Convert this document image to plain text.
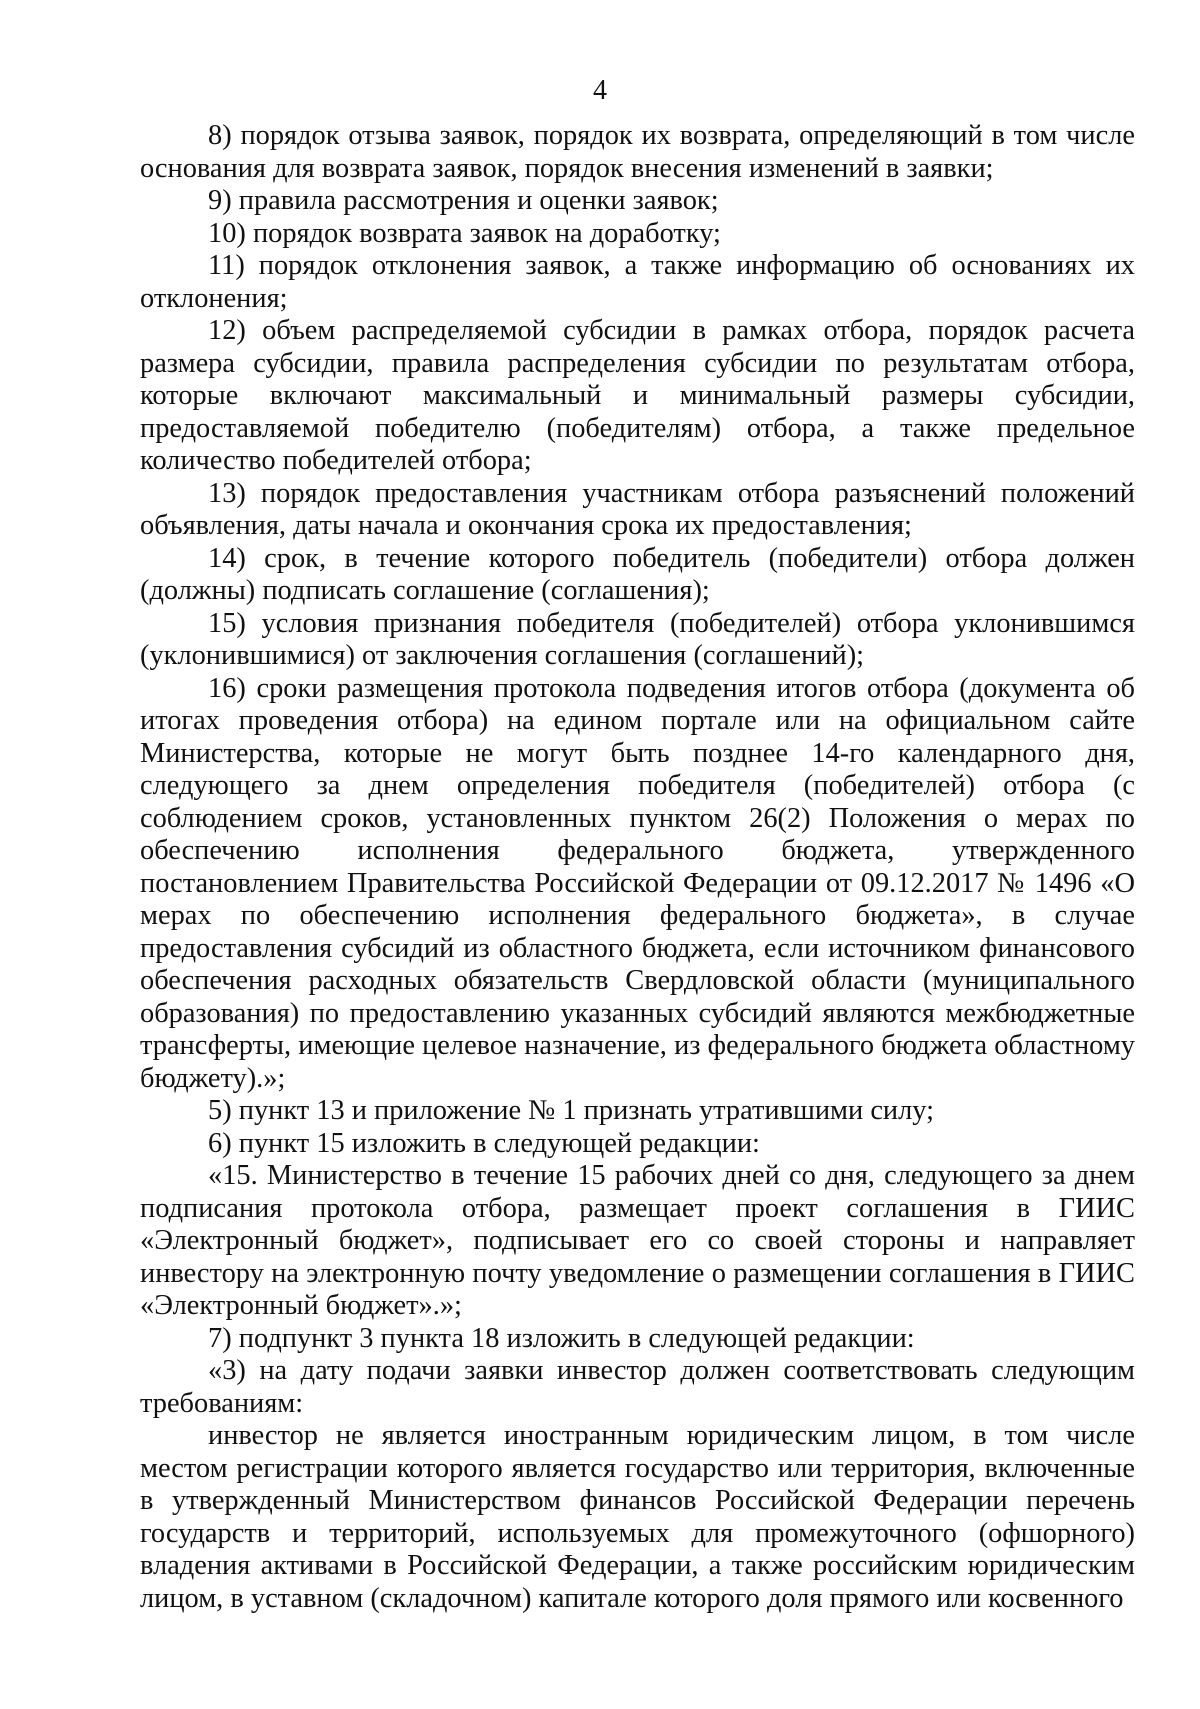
4

8) порядок отзыва заявок, порядок их возврата, определяющий в том числе основания для возврата заявок, порядок внесения изменений в заявки;

9) правила рассмотрения и оценки заявок;

10) порядок возврата заявок на доработку;

11) порядок отклонения заявок, а также информацию об основаниях их отклонения;

12) объем распределяемой субсидии в рамках отбора, порядок расчета размера субсидии, правила распределения субсидии по результатам отбора, которые включают максимальный и минимальный размеры субсидии, предоставляемой победителю (победителям) отбора, а также предельное количество победителей отбора;

13) порядок предоставления участникам отбора разъяснений положений объявления, даты начала и окончания срока их предоставления;

14) срок, в течение которого победитель (победители) отбора должен (должны) подписать соглашение (соглашения);

15) условия признания победителя (победителей) отбора уклонившимся (уклонившимися) от заключения соглашения (соглашений);

16) сроки размещения протокола подведения итогов отбора (документа об итогах проведения отбора) на едином портале или на официальном сайте Министерства, которые не могут быть позднее 14-го календарного дня, следующего за днем определения победителя (победителей) отбора (с соблюдением сроков, установленных пунктом 26(2) Положения о мерах по обеспечению исполнения федерального бюджета, утвержденного постановлением Правительства Российской Федерации от 09.12.2017 № 1496 «О мерах по обеспечению исполнения федерального бюджета», в случае предоставления субсидий из областного бюджета, если источником финансового обеспечения расходных обязательств Свердловской области (муниципального образования) по предоставлению указанных субсидий являются межбюджетные трансферты, имеющие целевое назначение, из федерального бюджета областному бюджету).»;

5) пункт 13 и приложение № 1 признать утратившими силу;

6) пункт 15 изложить в следующей редакции:

«15. Министерство в течение 15 рабочих дней со дня, следующего за днем подписания протокола отбора, размещает проект соглашения в ГИИС «Электронный бюджет», подписывает его со своей стороны и направляет инвестору на электронную почту уведомление о размещении соглашения в ГИИС «Электронный бюджет».»;

7) подпункт 3 пункта 18 изложить в следующей редакции:

«3) на дату подачи заявки инвестор должен соответствовать следующим требованиям:

инвестор не является иностранным юридическим лицом, в том числе местом регистрации которого является государство или территория, включенные в утвержденный Министерством финансов Российской Федерации перечень государств и территорий, используемых для промежуточного (офшорного) владения активами в Российской Федерации, а также российским юридическим лицом, в уставном (складочном) капитале которого доля прямого или косвенного
